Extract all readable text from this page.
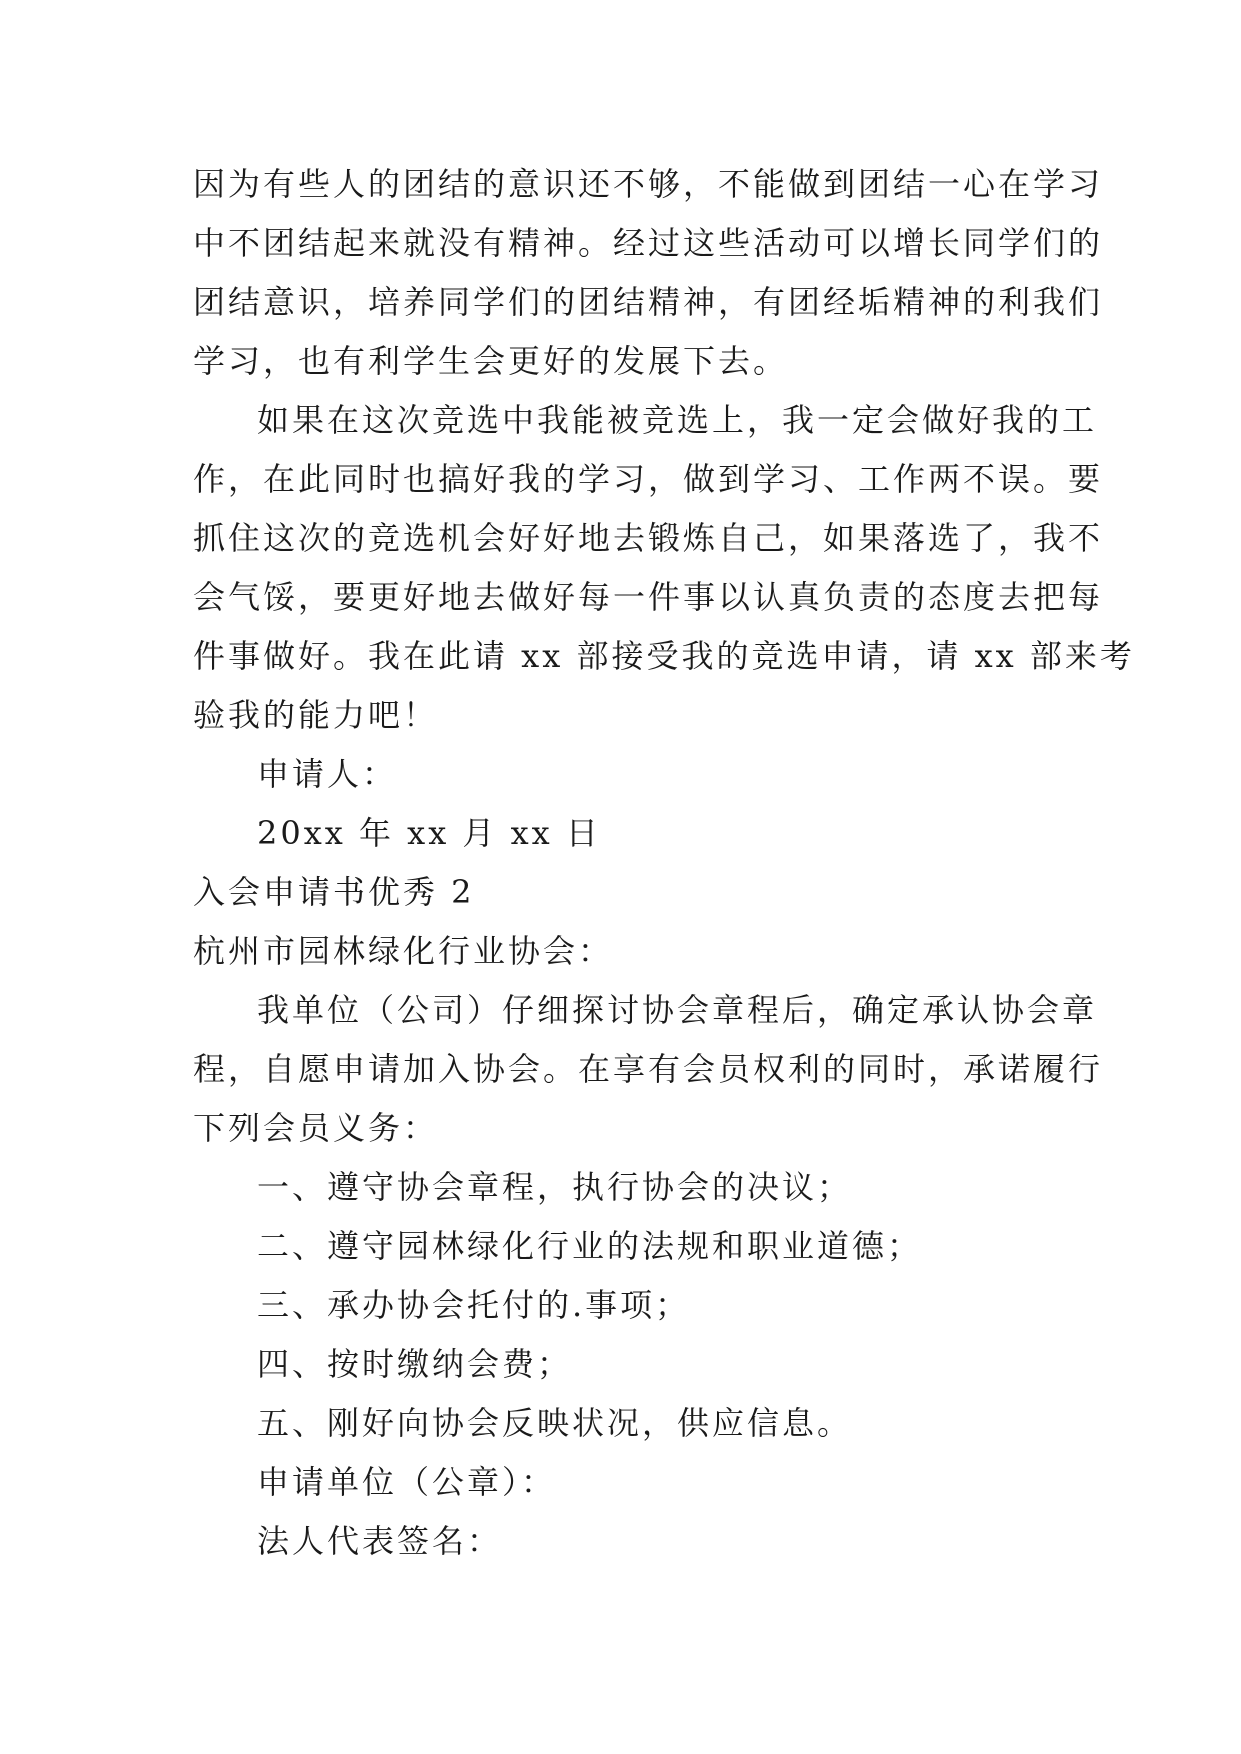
因为有些人的团结的意识还不够，不能做到团结一心在学习
中不团结起来就没有精神。经过这些活动可以增长同学们的
团结意识，培养同学们的团结精神，有团经垢精神的利我们
学习，也有利学生会更好的发展下去。
如果在这次竞选中我能被竞选上，我一定会做好我的工
作，在此同时也搞好我的学习，做到学习、工作两不误。要
抓住这次的竞选机会好好地去锻炼自己，如果落选了，我不
会气馁，要更好地去做好每一件事以认真负责的态度去把每
件事做好。我在此请 xx 部接受我的竞选申请，请 xx 部来考
验我的能力吧！
申请人：
20xx 年 xx 月 xx 日
入会申请书优秀 2
杭州市园林绿化行业协会：
我单位（公司）仔细探讨协会章程后，确定承认协会章
程，自愿申请加入协会。在享有会员权利的同时，承诺履行
下列会员义务：
一、遵守协会章程，执行协会的决议；
二、遵守园林绿化行业的法规和职业道德；
三、承办协会托付的.事项；
四、按时缴纳会费；
五、刚好向协会反映状况，供应信息。
申请单位（公章）：
法人代表签名：
